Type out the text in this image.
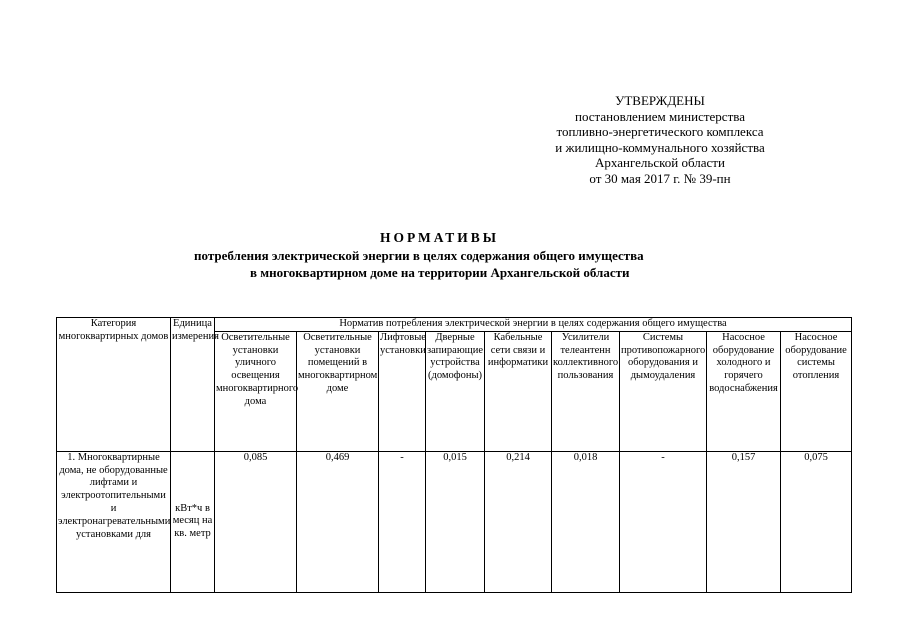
УТВЕРЖДЕНЫ
постановлением министерства
топливно-энергетического комплекса
и жилищно-коммунального хозяйства
Архангельской области
от 30 мая 2017 г. № 39-пн
НОРМАТИВЫ
потребления электрической энергии в целях содержания общего имущества
в многоквартирном доме на территории Архангельской области
Категория многоквартирных домов	Единица измерения	Норматив потребления электрической энергии в целях содержания общего имущества								
		Осветительные установки уличного освещения многоквартирного дома	Осветительные установки помещений в многоквартирном доме	Лифтовые установки	Дверные запирающие устройства (домофоны)	Кабельные сети связи и информатики	Усилители телеантенн коллективного пользования	Системы противопожарного оборудования и дымоудаления	Насосное оборудование холодного и горячего водоснабжения	Насосное оборудование системы отопления
1. Многоквартирные дома, не оборудованные лифтами и электроотопительными и электронагревательными установками для	кВт*ч в месяц на кв. метр	0,085	0,469	-	0,015	0,214	0,018	-	0,157	0,075
